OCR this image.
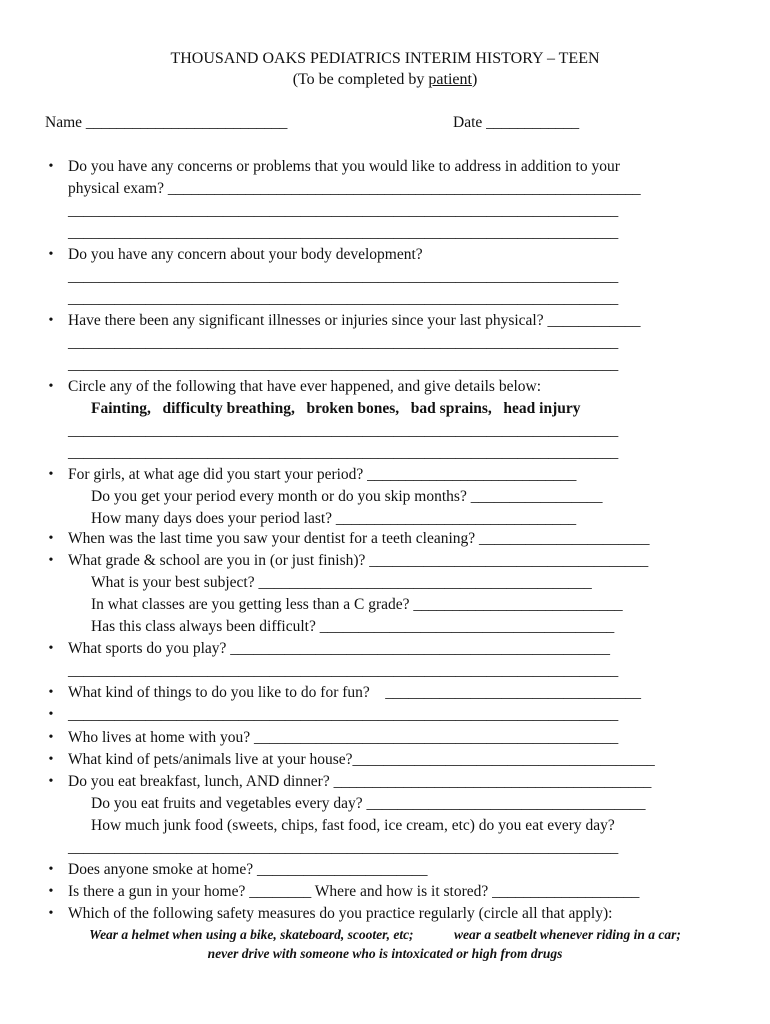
THOUSAND OAKS PEDIATRICS INTERIM HISTORY – TEEN
(To be completed by patient)
Name __________________________	Date ____________
• Do you have any concerns or problems that you would like to address in addition to your
physical exam? _____________________________________________________________
_______________________________________________________________________
_______________________________________________________________________
• Do you have any concern about your body development?
_______________________________________________________________________
_______________________________________________________________________
• Have there been any significant illnesses or injuries since your last physical? ____________
_______________________________________________________________________
_______________________________________________________________________
• Circle any of the following that have ever happened, and give details below:
Fainting,   difficulty breathing,   broken bones,   bad sprains,   head injury
_______________________________________________________________________
_______________________________________________________________________
• For girls, at what age did you start your period? ___________________________
Do you get your period every month or do you skip months? _________________
How many days does your period last? _______________________________
• When was the last time you saw your dentist for a teeth cleaning? ______________________
• What grade & school are you in (or just finish)? ____________________________________
What is your best subject? ___________________________________________
In what classes are you getting less than a C grade? ___________________________
Has this class always been difficult? ______________________________________
• What sports do you play? _________________________________________________
_______________________________________________________________________
• What kind of things to do you like to do for fun?    _________________________________
• _______________________________________________________________________
• Who lives at home with you? _______________________________________________
• What kind of pets/animals live at your house?_______________________________________
• Do you eat breakfast, lunch, AND dinner? _________________________________________
Do you eat fruits and vegetables every day? ____________________________________
How much junk food (sweets, chips, fast food, ice cream, etc) do you eat every day?
_______________________________________________________________________
• Does anyone smoke at home? ______________________
• Is there a gun in your home? ________ Where and how is it stored? ___________________
• Which of the following safety measures do you practice regularly (circle all that apply):
Wear a helmet when using a bike, skateboard, scooter, etc;            wear a seatbelt whenever riding in a car;
never drive with someone who is intoxicated or high from drugs
